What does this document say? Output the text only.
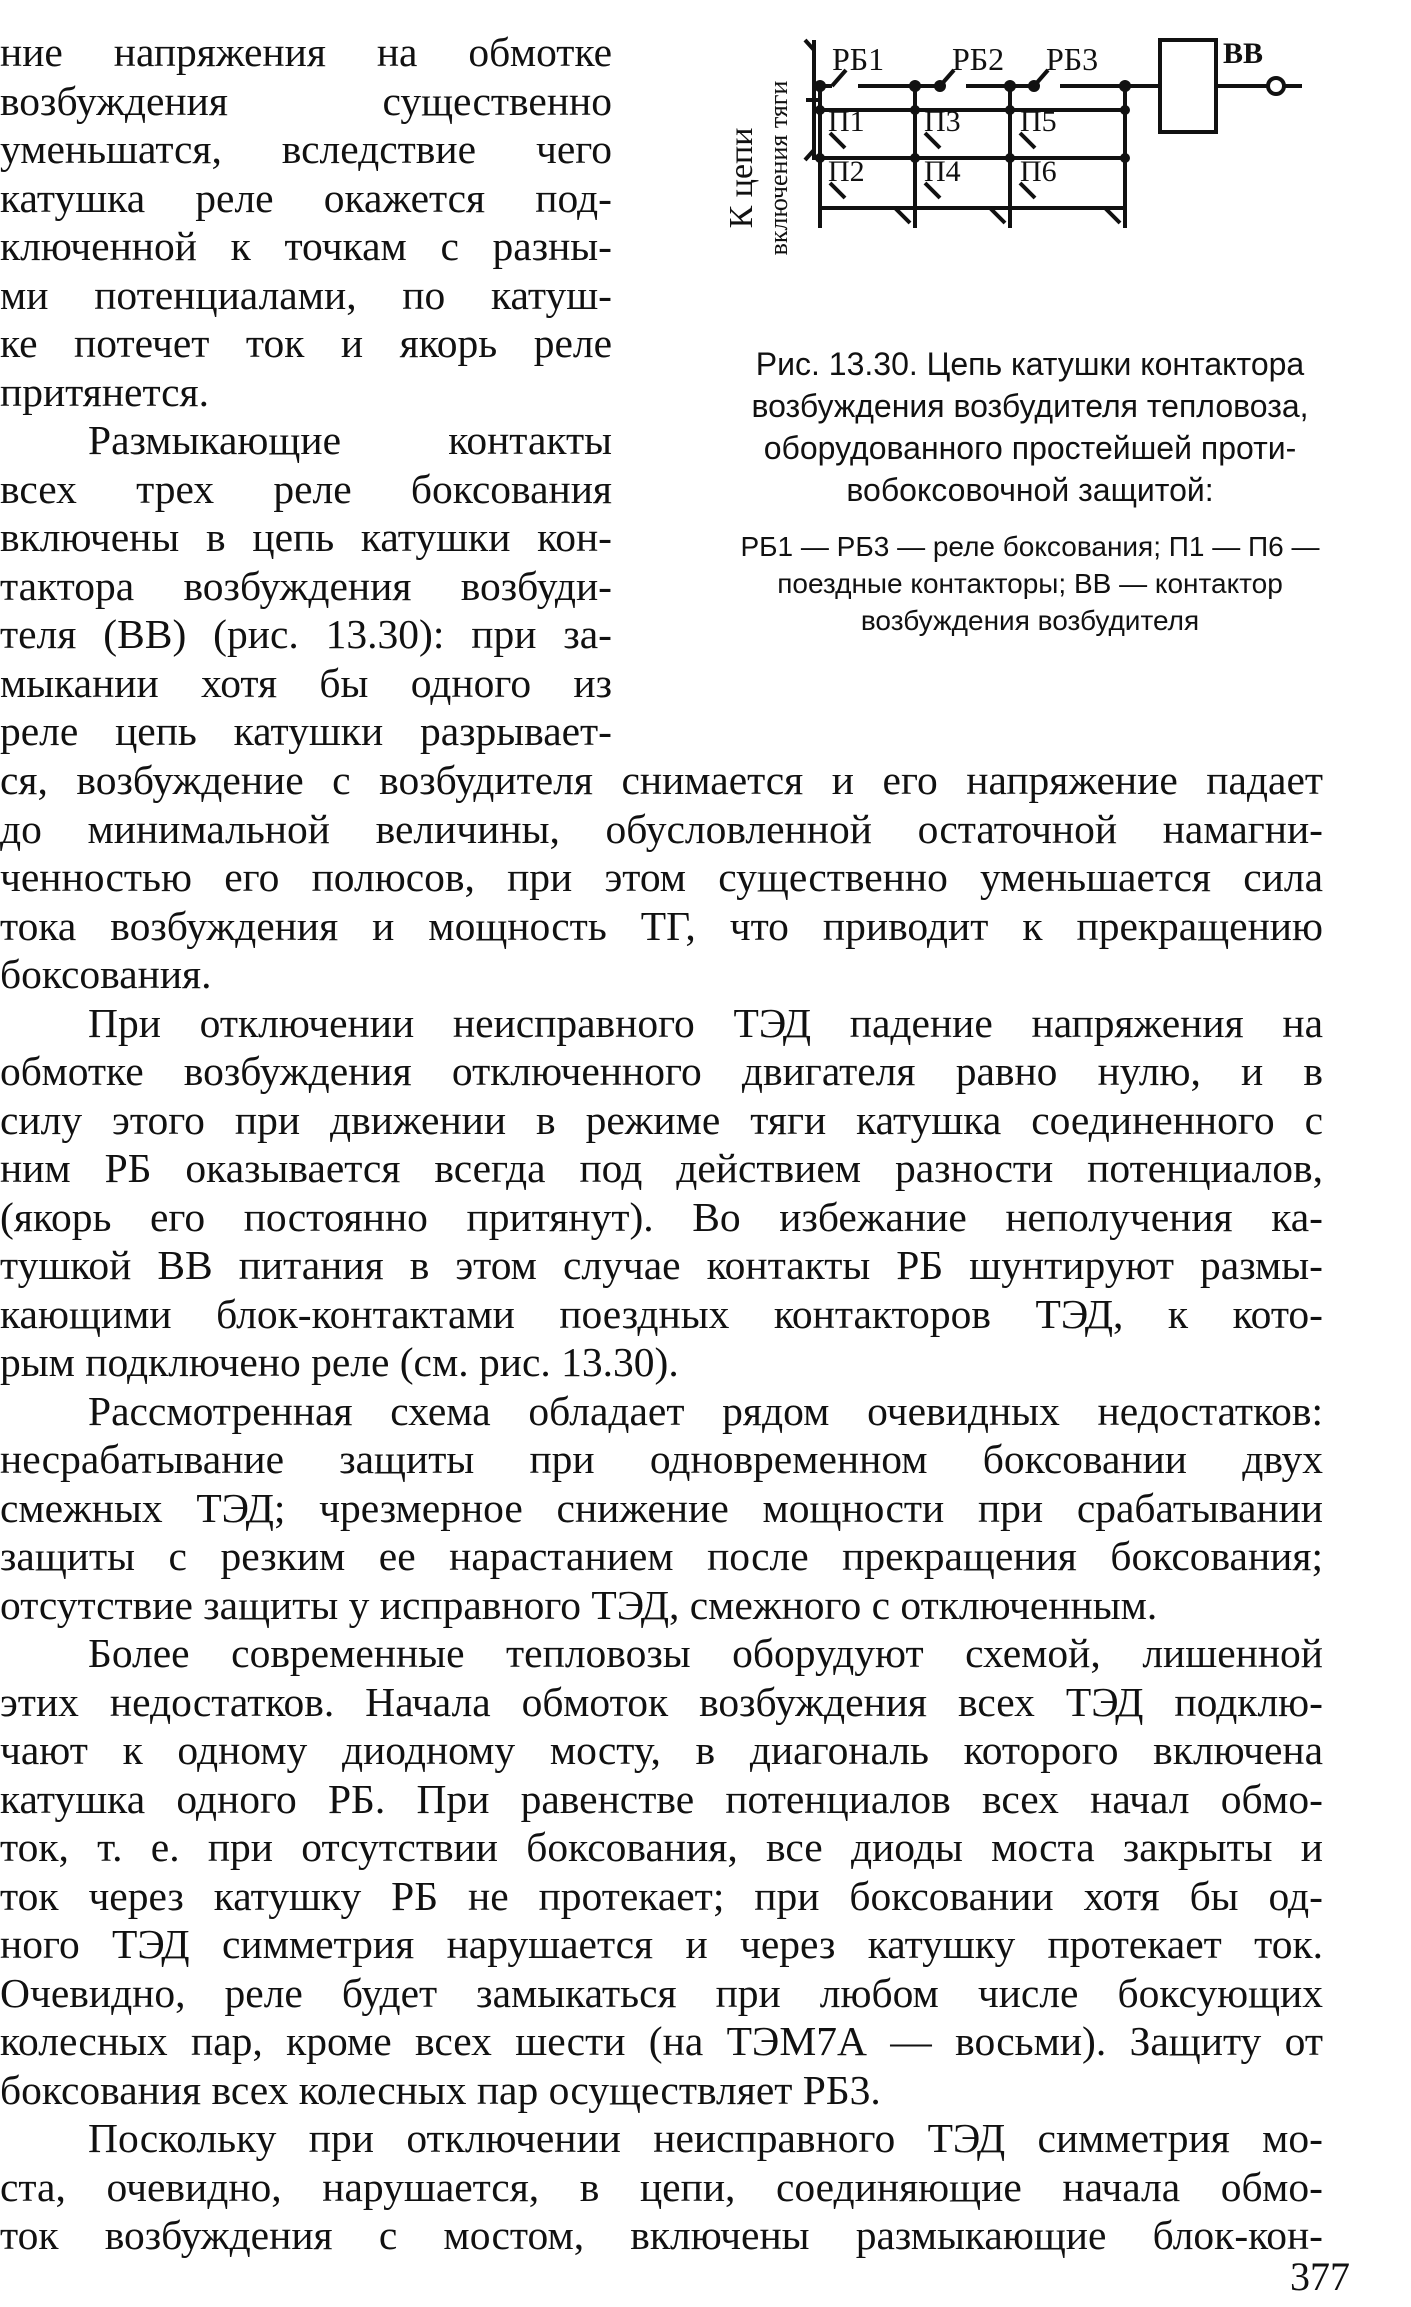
ние напряжения на обмотке
возбуждения существенно
уменьшатся, вследствие чего
катушка реле окажется под-
ключенной к точкам с разны-
ми потенциалами, по катуш-
ке потечет ток и якорь реле
притянется.
Размыкающие контакты
всех трех реле боксования
включены в цепь катушки кон-
тактора возбуждения возбуди-
теля (ВВ) (рис. 13.30): при за-
мыкании хотя бы одного из
реле цепь катушки разрывает-
К цепи включения тяги
РБ1 РБ2 РБ3
П1 П3 П5
П2 П4 П6
ВВ
Рис. 13.30. Цепь катушки контактора
возбуждения возбудителя тепловоза,
оборудованного простейшей проти-
вобоксовочной защитой:
РБ1 — РБ3 — реле боксования; П1 — П6 —
поездные контакторы; ВВ — контактор
возбуждения возбудителя
ся, возбуждение с возбудителя снимается и его напряжение падает
до минимальной величины, обусловленной остаточной намагни-
ченностью его полюсов, при этом существенно уменьшается сила
тока возбуждения и мощность ТГ, что приводит к прекращению
боксования.
При отключении неисправного ТЭД падение напряжения на
обмотке возбуждения отключенного двигателя равно нулю, и в
силу этого при движении в режиме тяги катушка соединенного с
ним РБ оказывается всегда под действием разности потенциалов,
(якорь его постоянно притянут). Во избежание неполучения ка-
тушкой ВВ питания в этом случае контакты РБ шунтируют размы-
кающими блок-контактами поездных контакторов ТЭД, к кото-
рым подключено реле (см. рис. 13.30).
Рассмотренная схема обладает рядом очевидных недостатков:
несрабатывание защиты при одновременном боксовании двух
смежных ТЭД; чрезмерное снижение мощности при срабатывании
защиты с резким ее нарастанием после прекращения боксования;
отсутствие защиты у исправного ТЭД, смежного с отключенным.
Более современные тепловозы оборудуют схемой, лишенной
этих недостатков. Начала обмоток возбуждения всех ТЭД подклю-
чают к одному диодному мосту, в диагональ которого включена
катушка одного РБ. При равенстве потенциалов всех начал обмо-
ток, т. е. при отсутствии боксования, все диоды моста закрыты и
ток через катушку РБ не протекает; при боксовании хотя бы од-
ного ТЭД симметрия нарушается и через катушку протекает ток.
Очевидно, реле будет замыкаться при любом числе боксующих
колесных пар, кроме всех шести (на ТЭМ7А — восьми). Защиту от
боксования всех колесных пар осуществляет РБ3.
Поскольку при отключении неисправного ТЭД симметрия мо-
ста, очевидно, нарушается, в цепи, соединяющие начала обмо-
ток возбуждения с мостом, включены размыкающие блок-кон-
377
